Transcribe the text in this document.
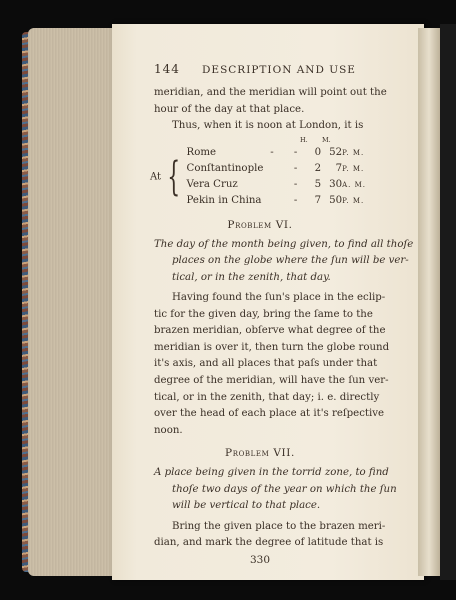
144 DESCRIPTION AND USE
meridian, and the meridian will point out the
hour of the day at that place.
Thus, when it is noon at London, it is
H. M.
At {	Rome	-	-	0	52	P. M.
	Conſtantinople		-	2	7	P. M.
	Vera Cruz		-	5	30	A. M.
	Pekin in China		-	7	50	P. M.
Problem VI.
The day of the month being given, to find all thoſe
places on the globe where the ſun will be ver-
tical, or in the zenith, that day.
Having found the ſun's place in the eclip-
tic for the given day, bring the ſame to the
brazen meridian, obſerve what degree of the
meridian is over it, then turn the globe round
it's axis, and all places that paſs under that
degree of the meridian, will have the ſun ver-
tical, or in the zenith, that day; i. e. directly
over the head of each place at it's reſpective
noon.
Problem VII.
A place being given in the torrid zone, to find
thoſe two days of the year on which the ſun
will be vertical to that place.
Bring the given place to the brazen meri-
dian, and mark the degree of latitude that is
330
